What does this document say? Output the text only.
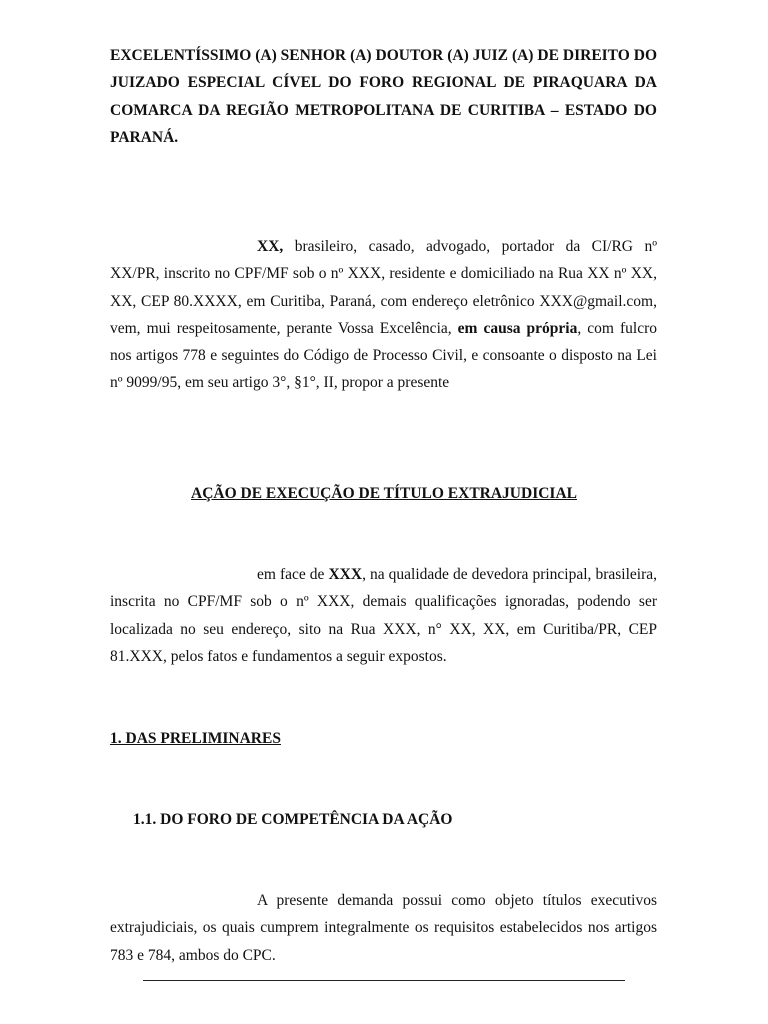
EXCELENTÍSSIMO (A) SENHOR (A) DOUTOR (A) JUIZ (A) DE DIREITO DO JUIZADO ESPECIAL CÍVEL DO FORO REGIONAL DE PIRAQUARA DA COMARCA DA REGIÃO METROPOLITANA DE CURITIBA – ESTADO DO PARANÁ.
XX, brasileiro, casado, advogado, portador da CI/RG nº XX/PR, inscrito no CPF/MF sob o nº XXX, residente e domiciliado na Rua XX nº XX, XX, CEP 80.XXXX, em Curitiba, Paraná, com endereço eletrônico XXX@gmail.com, vem, mui respeitosamente, perante Vossa Excelência, em causa própria, com fulcro nos artigos 778 e seguintes do Código de Processo Civil, e consoante o disposto na Lei nº 9099/95, em seu artigo 3°, §1°, II, propor a presente
AÇÃO DE EXECUÇÃO DE TÍTULO EXTRAJUDICIAL
em face de XXX, na qualidade de devedora principal, brasileira, inscrita no CPF/MF sob o nº XXX, demais qualificações ignoradas, podendo ser localizada no seu endereço, sito na Rua XXX, n° XX, XX, em Curitiba/PR, CEP 81.XXX, pelos fatos e fundamentos a seguir expostos.
1. DAS PRELIMINARES
1.1. DO FORO DE COMPETÊNCIA DA AÇÃO
A presente demanda possui como objeto títulos executivos extrajudiciais, os quais cumprem integralmente os requisitos estabelecidos nos artigos 783 e 784, ambos do CPC.
